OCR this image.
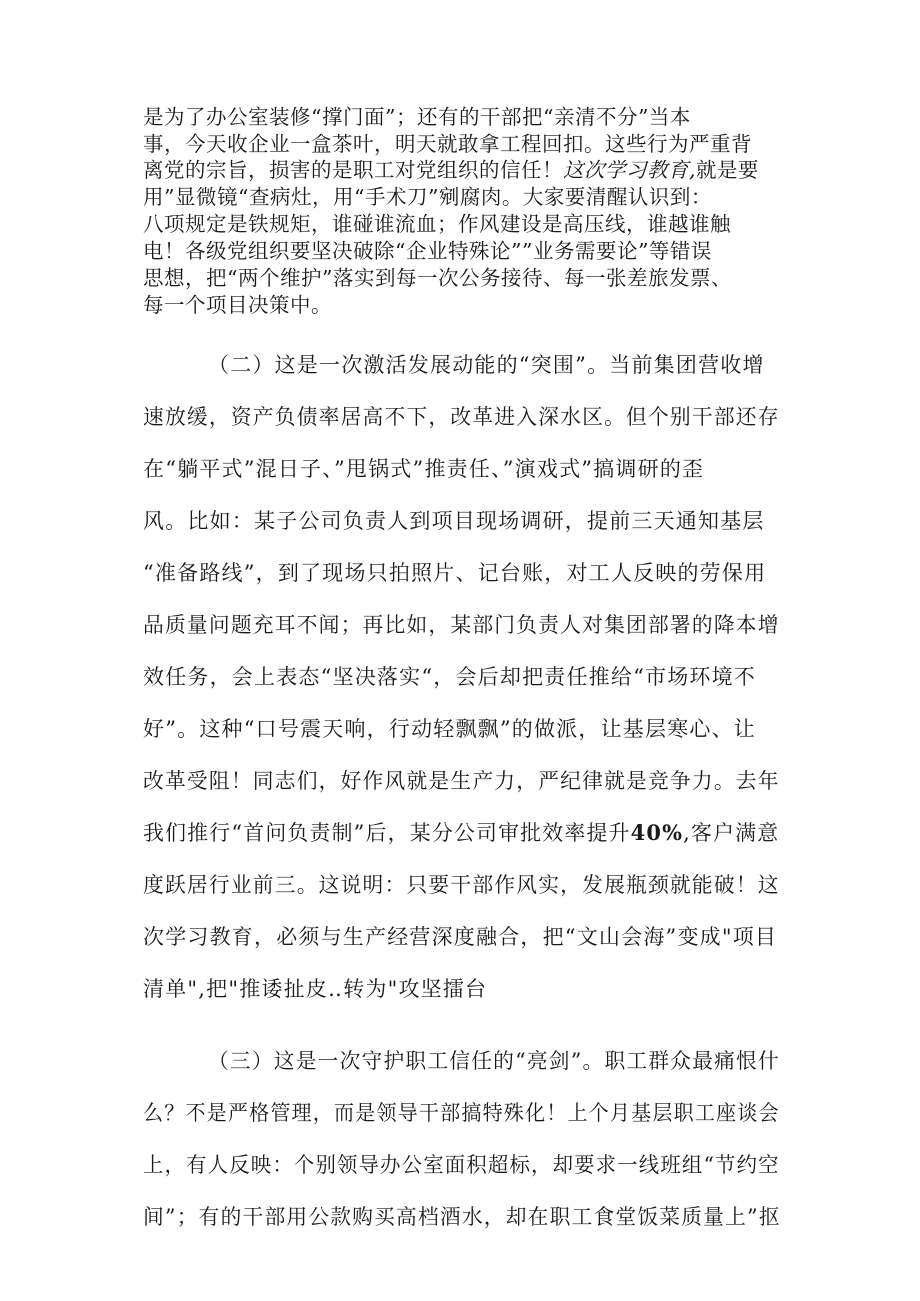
是为了办公室装修“撑门面”；还有的干部把“亲清不分”当本
事，今天收企业一盒茶叶，明天就敢拿工程回扣。这些行为严重背
离党的宗旨，损害的是职工对党组织的信任！这次学习教育,就是要
用”显微镜“查病灶，用“手术刀”剜腐肉。大家要清醒认识到：
八项规定是铁规矩，谁碰谁流血；作风建设是高压线，谁越谁触
电！各级党组织要坚决破除“企业特殊论””业务需要论”等错误
思想，把“两个维护”落实到每一次公务接待、每一张差旅发票、
每一个项目决策中。
（二）这是一次激活发展动能的“突围”。当前集团营收增
速放缓，资产负债率居高不下，改革进入深水区。但个别干部还存
在“躺平式”混日子、”甩锅式”推责任、”演戏式”搞调研的歪
风。比如：某子公司负责人到项目现场调研，提前三天通知基层
“准备路线”，到了现场只拍照片、记台账，对工人反映的劳保用
品质量问题充耳不闻；再比如，某部门负责人对集团部署的降本增
效任务，会上表态“坚决落实“，会后却把责任推给“市场环境不
好”。这种“口号震天响，行动轻飘飘”的做派，让基层寒心、让
改革受阻！同志们，好作风就是生产力，严纪律就是竞争力。去年
我们推行“首问负责制”后，某分公司审批效率提升40%,客户满意
度跃居行业前三。这说明：只要干部作风实，发展瓶颈就能破！这
次学习教育，必须与生产经营深度融合，把“文山会海”变成"项目
清单",把"推诿扯皮‥转为"攻坚擂台
（三）这是一次守护职工信任的“亮剑”。职工群众最痛恨什
么？不是严格管理，而是领导干部搞特殊化！上个月基层职工座谈会
上，有人反映：个别领导办公室面积超标，却要求一线班组“节约空
间”；有的干部用公款购买高档酒水，却在职工食堂饭菜质量上”抠
